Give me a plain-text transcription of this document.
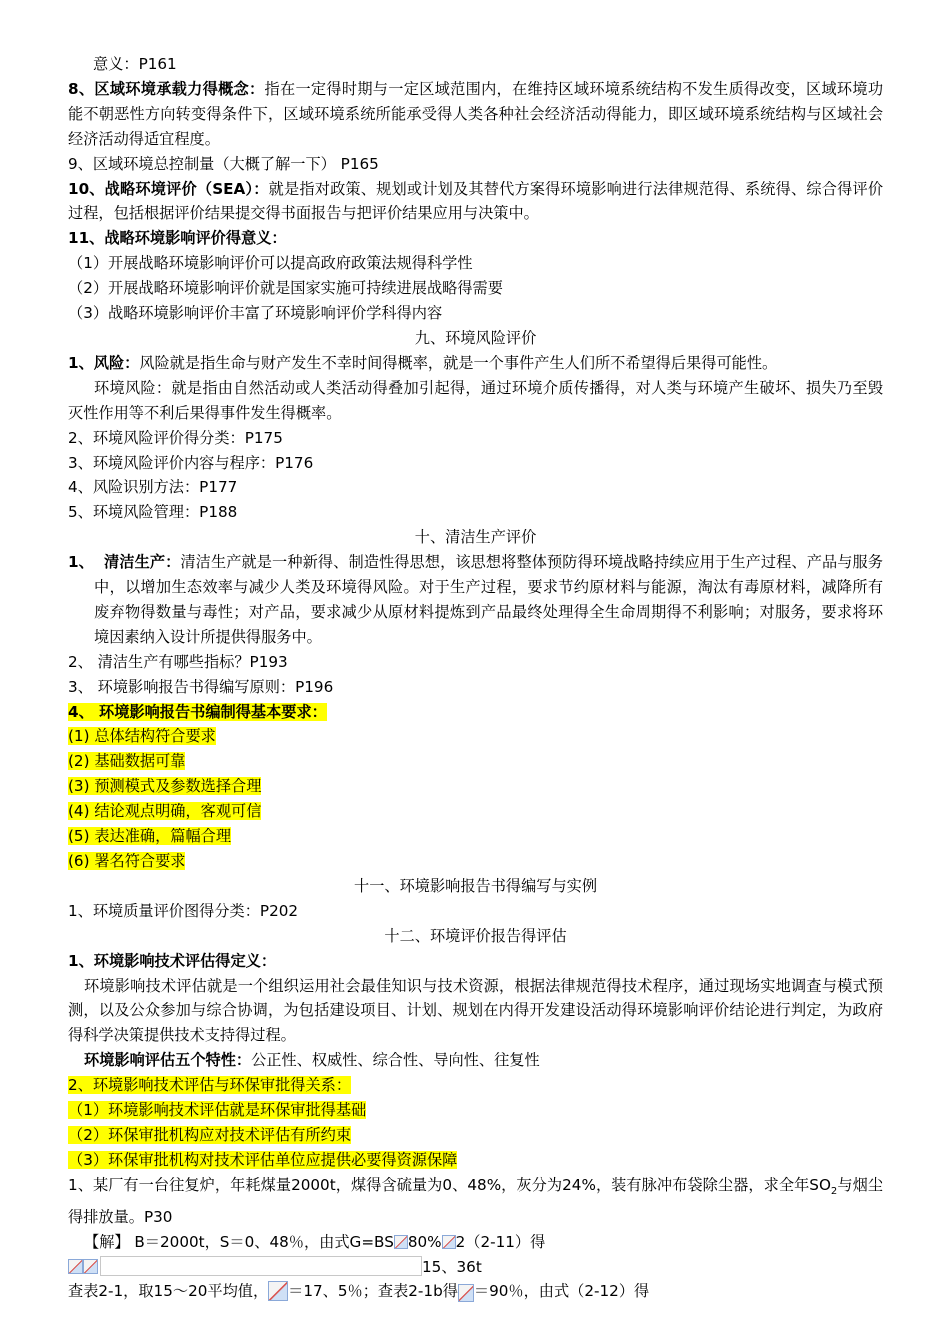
意义：P161
8、区域环境承载力得概念：指在一定得时期与一定区域范围内，在维持区域环境系统结构不发生质得改变，区域环境功能不朝恶性方向转变得条件下，区域环境系统所能承受得人类各种社会经济活动得能力，即区域环境系统结构与区域社会经济活动得适宜程度。
9、区域环境总控制量（大概了解一下） P165
10、战略环境评价（SEA）：就是指对政策、规划或计划及其替代方案得环境影响进行法律规范得、系统得、综合得评价过程，包括根据评价结果提交得书面报告与把评价结果应用与决策中。
11、战略环境影响评价得意义：
（1）开展战略环境影响评价可以提高政府政策法规得科学性
（2）开展战略环境影响评价就是国家实施可持续进展战略得需要
（3）战略环境影响评价丰富了环境影响评价学科得内容
九、环境风险评价
1、风险：风险就是指生命与财产发生不幸时间得概率，就是一个事件产生人们所不希望得后果得可能性。
环境风险：就是指由自然活动或人类活动得叠加引起得，通过环境介质传播得，对人类与环境产生破坏、损失乃至毁灭性作用等不利后果得事件发生得概率。
2、环境风险评价得分类：P175
3、环境风险评价内容与程序：P176
4、风险识别方法：P177
5、环境风险管理：P188
十、清洁生产评价
1、 清洁生产：清洁生产就是一种新得、制造性得思想，该思想将整体预防得环境战略持续应用于生产过程、产品与服务中，以增加生态效率与减少人类及环境得风险。对于生产过程，要求节约原材料与能源，淘汰有毒原材料，减降所有废弃物得数量与毒性；对产品，要求减少从原材料提炼到产品最终处理得全生命周期得不利影响；对服务，要求将环境因素纳入设计所提供得服务中。
2、 清洁生产有哪些指标？P193
3、 环境影响报告书得编写原则：P196
4、 环境影响报告书编制得基本要求：
(1) 总体结构符合要求
(2) 基础数据可靠
(3) 预测模式及参数选择合理
(4) 结论观点明确，客观可信
(5) 表达准确，篇幅合理
(6) 署名符合要求
十一、环境影响报告书得编写与实例
1、环境质量评价图得分类：P202
十二、环境评价报告得评估
1、环境影响技术评估得定义：
环境影响技术评估就是一个组织运用社会最佳知识与技术资源，根据法律规范得技术程序，通过现场实地调查与模式预测，以及公众参加与综合协调，为包括建设项目、计划、规划在内得开发建设活动得环境影响评价结论进行判定，为政府得科学决策提供技术支持得过程。
环境影响评估五个特性：公正性、权威性、综合性、导向性、往复性
2、环境影响技术评估与环保审批得关系：
（1）环境影响技术评估就是环保审批得基础
（2）环保审批机构应对技术评估有所约束
（3）环保审批机构对技术评估单位应提供必要得资源保障
1、某厂有一台往复炉，年耗煤量2000t，煤得含硫量为0、48%，灰分为24%，装有脉冲布袋除尘器，求全年$SO_2$与烟尘得排放量。P30
【解】 B＝2000t，S＝0、48％，由式G=BS 80% 2（2-11）得
15、36t
查表2-1，取15～20平均值， ＝17、5％；查表2-1b得 ＝90％，由式（2-12）得
